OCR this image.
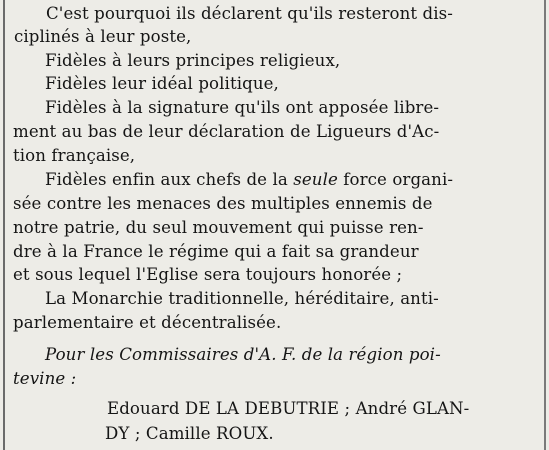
C'est pourquoi ils déclarent qu'ils resteront dis-
ciplinés à leur poste,
Fidèles à leurs principes religieux,
Fidèles leur idéal politique,
Fidèles à la signature qu'ils ont apposée libre-
ment au bas de leur déclaration de Ligueurs d'Ac-
tion française,
Fidèles enfin aux chefs de la seule force organi-
sée contre les menaces des multiples ennemis de
notre patrie, du seul mouvement qui puisse ren-
dre à la France le régime qui a fait sa grandeur
et sous lequel l'Eglise sera toujours honorée ;
La Monarchie traditionnelle, héréditaire, anti-
parlementaire et décentralisée.
Pour les Commissaires d'A. F. de la région poi-
tevine :
Edouard DE LA DEBUTRIE ; André GLAN-
DY ; Camille ROUX.
